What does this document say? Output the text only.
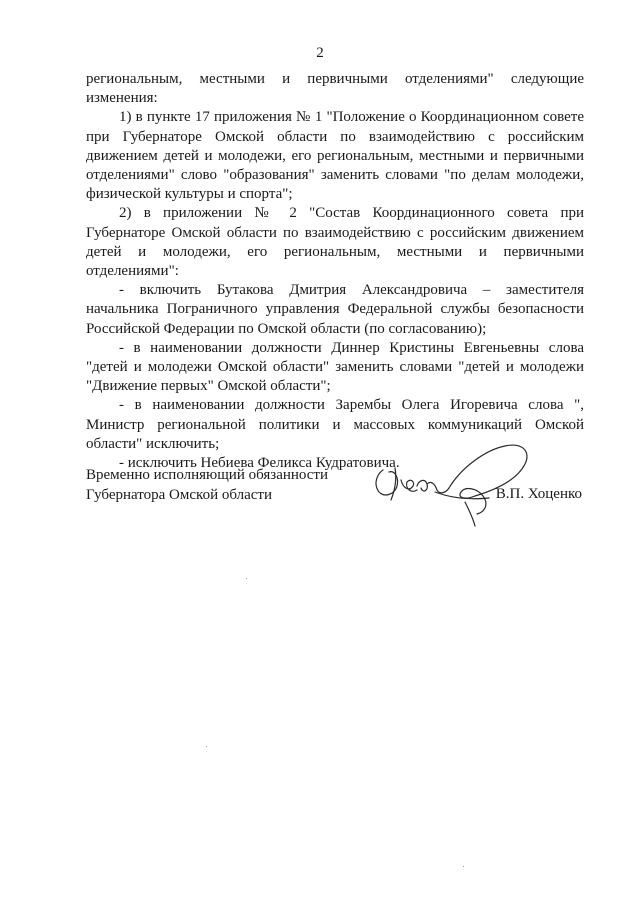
2

региональным, местными и первичными отделениями" следующие изменения:

1) в пункте 17 приложения № 1 "Положение о Координационном совете при Губернаторе Омской области по взаимодействию с российским движением детей и молодежи, его региональным, местными и первичными отделениями" слово "образования" заменить словами "по делам молодежи, физической культуры и спорта";

2) в приложении № 2 "Состав Координационного совета при Губернаторе Омской области по взаимодействию с российским движением детей и молодежи, его региональным, местными и первичными отделениями":

- включить Бутакова Дмитрия Александровича – заместителя начальника Пограничного управления Федеральной службы безопасности Российской Федерации по Омской области (по согласованию);

- в наименовании должности Диннер Кристины Евгеньевны слова "детей и молодежи Омской области" заменить словами "детей и молодежи "Движение первых" Омской области";

- в наименовании должности Зарембы Олега Игоревича слова ", Министр региональной политики и массовых коммуникаций Омской области" исключить;

- исключить Небиева Феликса Кудратовича.

Временно исполняющий обязанности
Губернатора Омской области	В.П. Хоценко
